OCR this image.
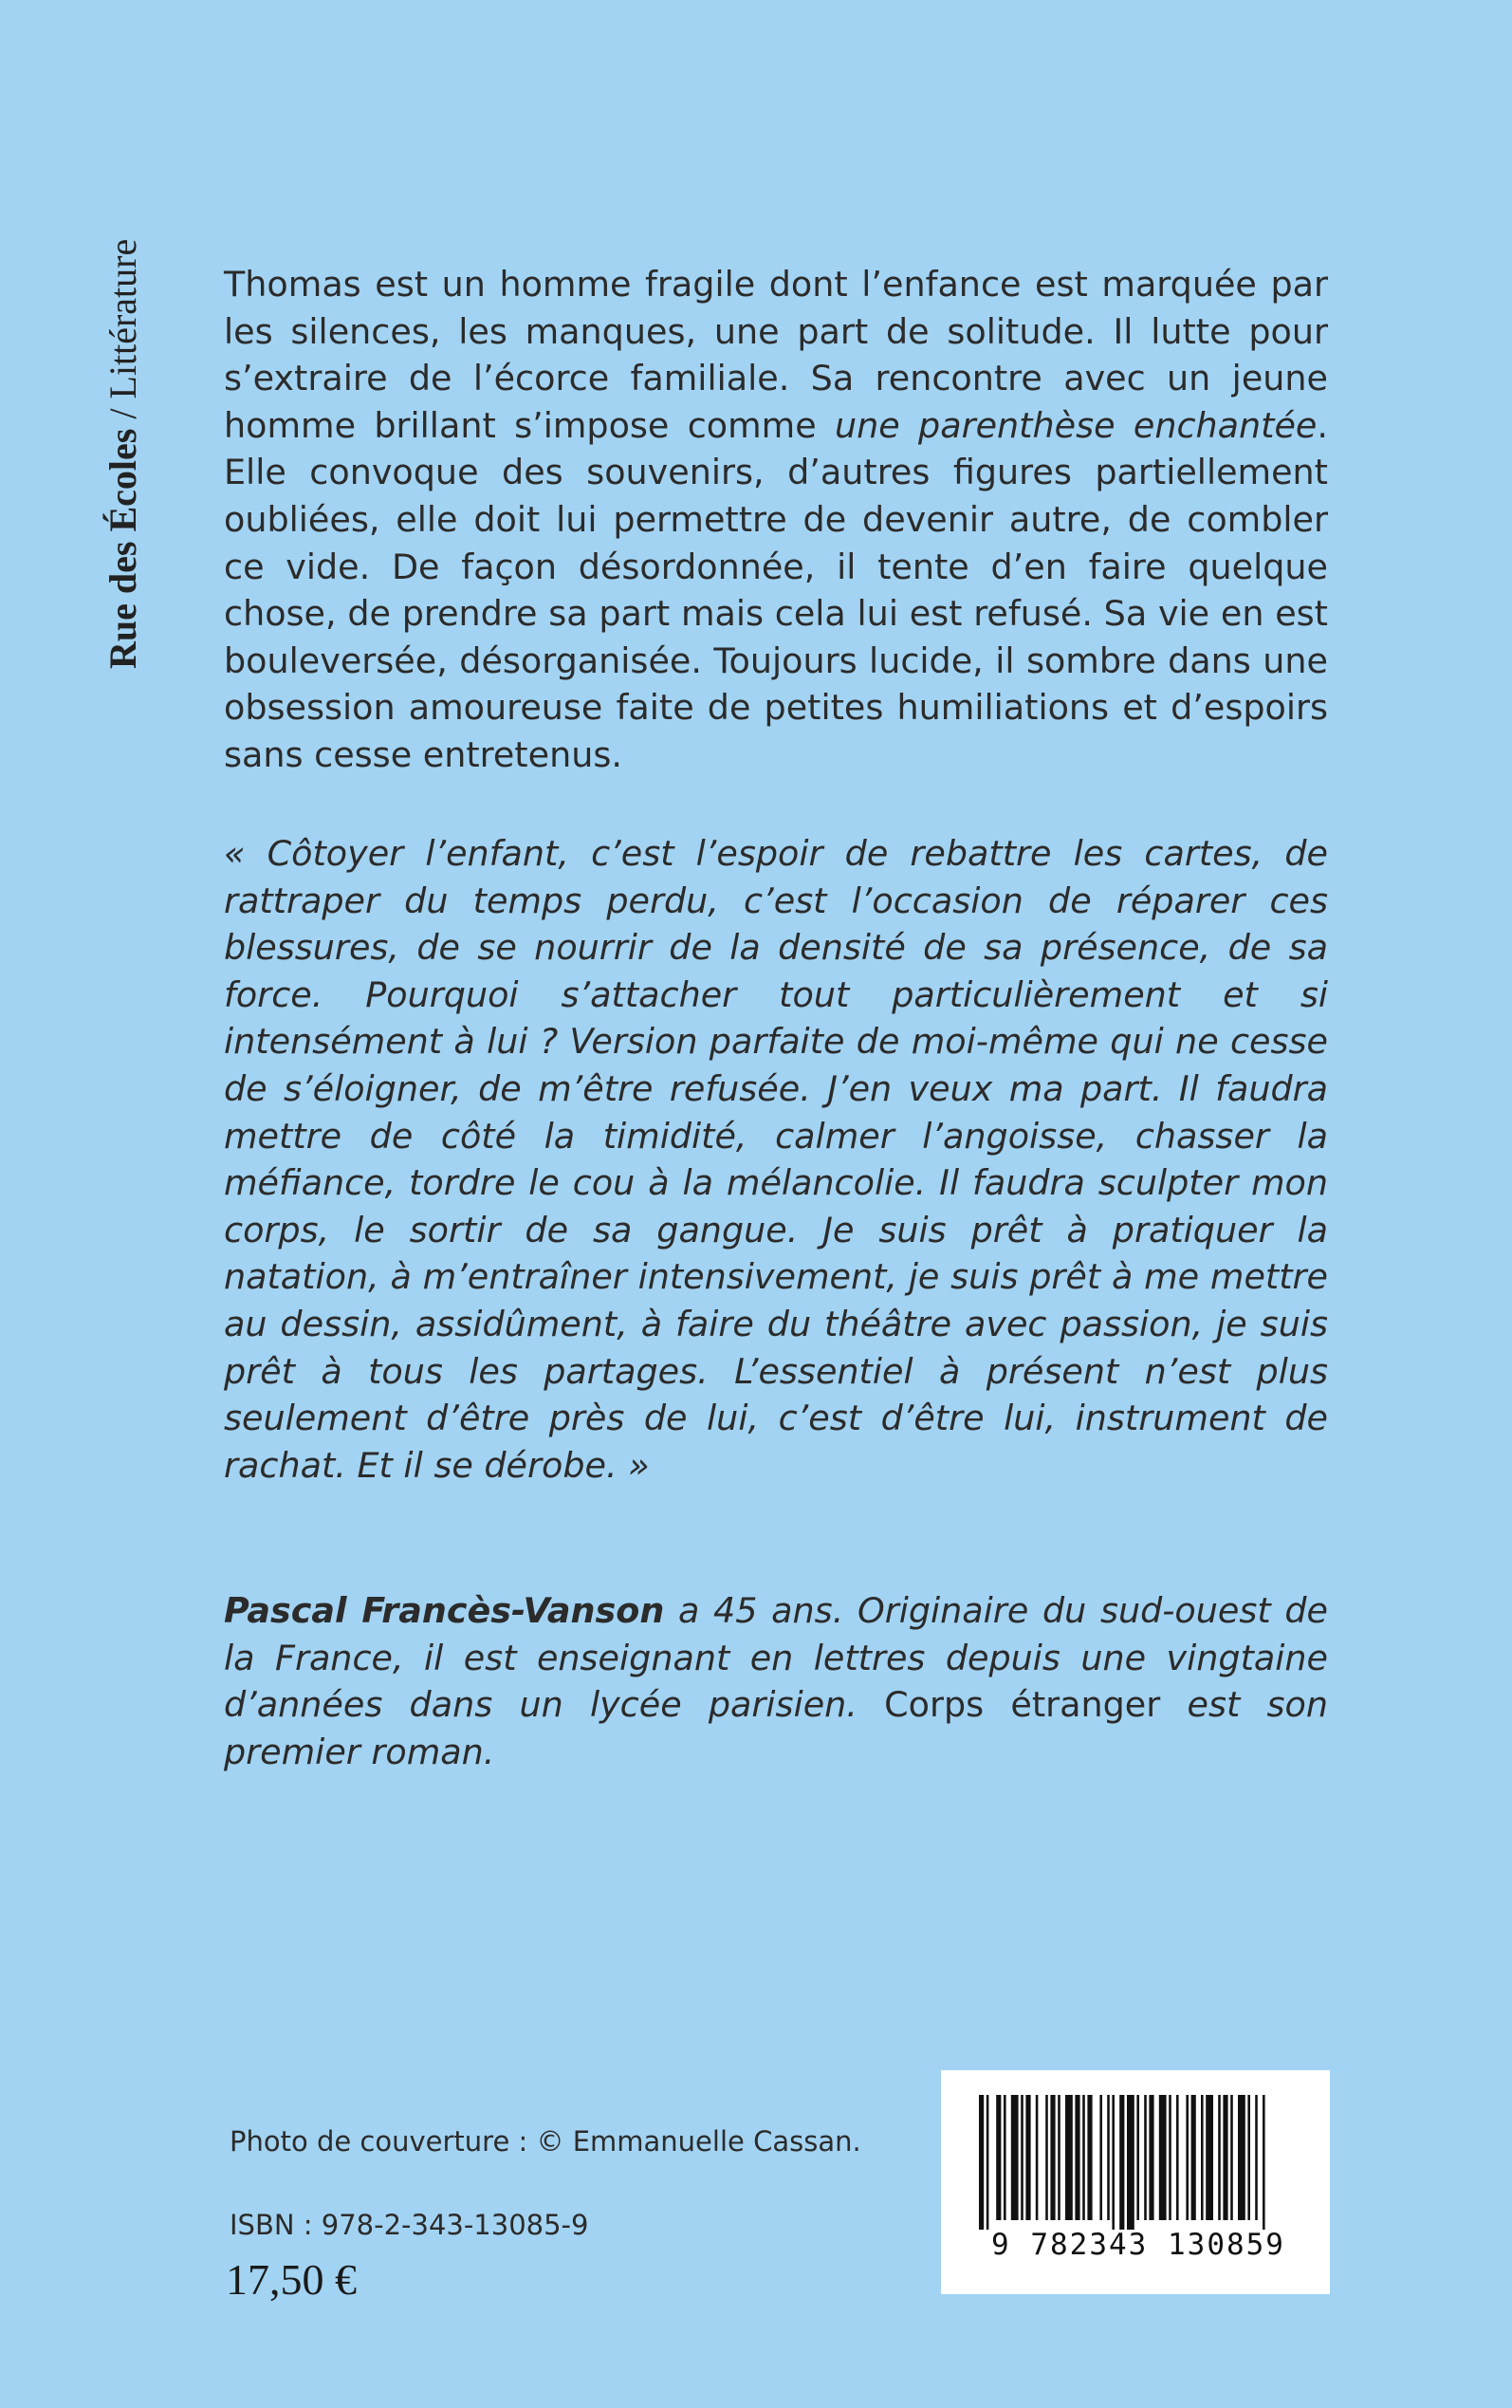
Rue des Écoles / Littérature Thomas est un homme fragile dont l’enfance est marquée par les silences, les manques, une part de solitude. Il lutte pour s’extraire de l’écorce familiale. Sa rencontre avec un jeune homme brillant s’impose comme une parenthèse enchantée. Elle convoque des souvenirs, d’autres figures partiellement oubliées, elle doit lui permettre de devenir autre, de combler ce vide. De façon désordonnée, il tente d’en faire quelque chose, de prendre sa part mais cela lui est refusé. Sa vie en est bouleversée, désorganisée. Toujours lucide, il sombre dans une obsession amoureuse faite de petites humiliations et d’espoirs sans cesse entretenus.

« Côtoyer l’enfant, c’est l’espoir de rebattre les cartes, de rattraper du temps perdu, c’est l’occasion de réparer ces blessures, de se nourrir de la densité de sa présence, de sa force. Pourquoi s’attacher tout particulièrement et si intensément à lui ? Version parfaite de moi-même qui ne cesse de s’éloigner, de m’être refusée. J’en veux ma part. Il faudra mettre de côté la timidité, calmer l’angoisse, chasser la méfiance, tordre le cou à la mélancolie. Il faudra sculpter mon corps, le sortir de sa gangue. Je suis prêt à pratiquer la natation, à m’entraîner intensivement, je suis prêt à me mettre au dessin, assidûment, à faire du théâtre avec passion, je suis prêt à tous les partages. L’essentiel à présent n’est plus seulement d’être près de lui, c’est d’être lui, instrument de rachat. Et il se dérobe. »

Pascal Francès-Vanson a 45 ans. Originaire du sud-ouest de la France, il est enseignant en lettres depuis une vingtaine d’années dans un lycée parisien. Corps étranger est son premier roman.

Photo de couverture : © Emmanuelle Cassan.
ISBN : 978-2-343-13085-9
17,50 €
9 782343 130859
